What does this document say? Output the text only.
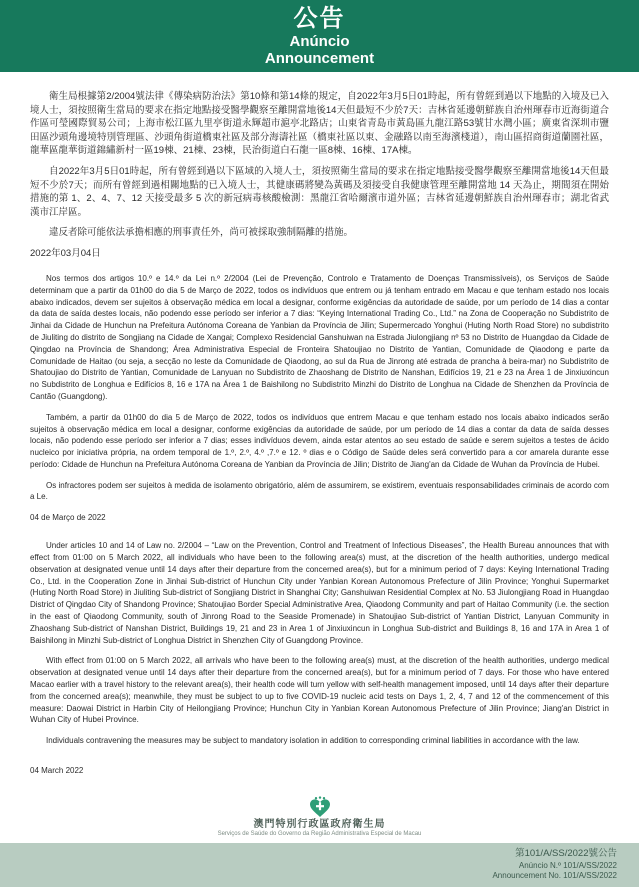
公告
Anúncio
Announcement
衛生局根據第2/2004號法律《傳染病防治法》第10條和第14條的規定，自2022年3月5日01時起，所有曾經到過以下地點的入境及已入境人士，須按照衛生當局的要求在指定地點接受醫學觀察至離開當地後14天但最短不少於7天：吉林省延邊朝鮮族自治州琿春市近海街道合作區可瑩國際貿易公司；上海市松江區九里亭街道永輝超市滬亭北路店；山東省青島市黃島區九龍江路53號甘水灣小區；廣東省深圳市鹽田區沙頭角邊境特別管理區、沙頭角街道橋東社區及部分海濤社區（橋東社區以東、金融路以南至海濱棧道），南山區招商街道蘭園社區，龍華區龍華街道錦繡新村一區19棟、21棟、23棟，民治街道白石龍一區8棟、16棟、17A棟。
自2022年3月5日01時起，所有曾經到過以下區域的入境人士，須按照衛生當局的要求在指定地點接受醫學觀察至離開當地後14天但最短不少於7天；而所有曾經到過相關地點的已入境人士，其健康碼將變為黃碼及須接受自我健康管理至離開當地 14 天為止，期間須在開始措施的第 1、2、4、7、12 天接受最多 5 次的新冠病毒核酸檢測：黑龍江省哈爾濱市道外區；吉林省延邊朝鮮族自治州琿春市；湖北省武漢市江岸區。
違反者除可能依法承擔相應的刑事責任外，尚可被採取強制隔離的措施。
2022年03月04日
Nos termos dos artigos 10.º e 14.º da Lei n.º 2/2004 (Lei de Prevenção, Controlo e Tratamento de Doenças Transmissíveis), os Serviços de Saúde determinam que a partir da 01h00 do dia 5 de Março de 2022, todos os indivíduos que entrem ou já tenham entrado em Macau e que tenham estado nos locais abaixo indicados, devem ser sujeitos à observação médica em local a designar, conforme exigências da autoridade de saúde, por um período de 14 dias a contar da data de saída destes locais, não podendo esse período ser inferior a 7 dias: “Keying International Trading Co., Ltd.” na Zona de Cooperação no Subdistrito de Jinhai da Cidade de Hunchun na Prefeitura Autónoma Coreana de Yanbian da Província de Jilin; Supermercado Yonghui (Huting North Road Store) no subdistrito de Jiuliting do distrito de Songjiang na Cidade de Xangai; Complexo Residencial Ganshuiwan na Estrada Jiulongjiang nº 53 no Distrito de Huangdao da Cidade de Qingdao na Província de Shandong; Área Administrativa Especial de Fronteira Shatoujiao no Distrito de Yantian, Comunidade de Qiaodong e parte da Comunidade de Haitao (ou seja, a secção no leste da Comunidade de Qiaodong, ao sul da Rua de Jinrong até estrada de prancha à beira-mar) no Subdistrito de Shatoujiao do Distrito de Yantian, Comunidade de Lanyuan no Subdistrito de Zhaoshang de Distrito de Nanshan, Edifícios 19, 21 e 23 na Área 1 de Jinxiuxincun no Subdistrito de Longhua e Edifícios 8, 16 e 17A na Área 1 de Baishilong no Subdistrito Minzhi do Distrito de Longhua na Cidade de Shenzhen da Província de Cantão (Guangdong).
Também, a partir da 01h00 do dia 5 de Março de 2022, todos os indivíduos que entrem Macau e que tenham estado nos locais abaixo indicados serão sujeitos à observação médica em local a designar, conforme exigências da autoridade de saúde, por um período de 14 dias a contar da data de saída desses locais, não podendo esse período ser inferior a 7 dias; esses indivíduos devem, ainda estar atentos ao seu estado de saúde e serem sujeitos a testes de ácido nucleico por iniciativa própria, na ordem temporal de 1.º, 2.º, 4.º ,7.º e 12. º dias e o Código de Saúde deles será convertido para a cor amarela durante esse período: Cidade de Hunchun na Prefeitura Autónoma Coreana de Yanbian da Província de Jilin; Distrito de Jiang'an da Cidade de Wuhan da Província de Hubei.
Os infractores podem ser sujeitos à medida de isolamento obrigatório, além de assumirem, se existirem, eventuais responsabilidades criminais de acordo com a Le.
04 de Março de 2022
Under articles 10 and 14 of Law no. 2/2004 – “Law on the Prevention, Control and Treatment of Infectious Diseases”, the Health Bureau announces that with effect from 01:00 on 5 March 2022, all individuals who have been to the following area(s) must, at the discretion of the health authorities, undergo medical observation at designated venue until 14 days after their departure from the concerned area(s), but for a minimum period of 7 days: Keying International Trading Co., Ltd. in the Cooperation Zone in Jinhai Sub-district of Hunchun City under Yanbian Korean Autonomous Prefecture of Jilin Province; Yonghui Supermarket (Huting North Road Store) in Jiuliting Sub-district of Songjiang District in Shanghai City; Ganshuiwan Residential Complex at No. 53 Jiulongjiang Road in Huangdao District of Qingdao City of Shandong Province; Shatoujiao Border Special Administrative Area, Qiaodong Community and part of Haitao Community (i.e. the section in the east of Qiaodong Community, south of Jinrong Road to the Seaside Promenade) in Shatoujiao Sub-district of Yantian District, Lanyuan Community in Zhaoshang Sub-district of Nanshan District, Buildings 19, 21 and 23 in Area 1 of Jinxiuxincun in Longhua Sub-district and Buildings 8, 16 and 17A in Area 1 of Baishilong in Minzhi Sub-district of Longhua District in Shenzhen City of Guangdong Province.
With effect from 01:00 on 5 March 2022, all arrivals who have been to the following area(s) must, at the discretion of the health authorities, undergo medical observation at designated venue until 14 days after their departure from the concerned area(s), but for a minimum period of 7 days. For those who have entered Macao earlier with a travel history to the relevant area(s), their health code will turn yellow with self-health management imposed, until 14 days after their departure from the concerned area(s); meanwhile, they must be subject to up to five COVID-19 nucleic acid tests on Days 1, 2, 4, 7 and 12 of the commencement of this measure: Daowai District in Harbin City of Heilongjiang Province; Hunchun City in Yanbian Korean Autonomous Prefecture of Jilin Province; Jiang'an District in Wuhan City of Hubei Province.
Individuals contravening the measures may be subject to mandatory isolation in addition to corresponding criminal liabilities in accordance with the law.
04 March 2022
澳門特別行政區政府衛生局
Serviços de Saúde do Governo da Região Administrativa Especial de Macau
第101/A/SS/2022號公告
Anúncio N.º 101/A/SS/2022
Announcement No. 101/A/SS/2022
